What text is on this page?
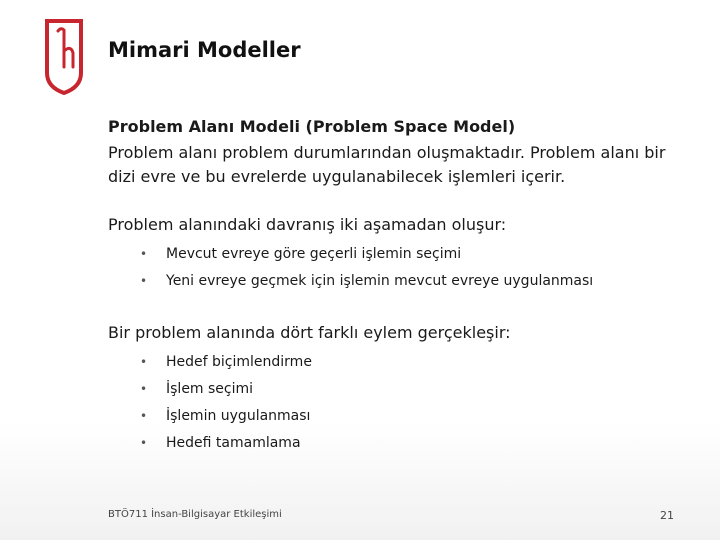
Mimari Modeller

Problem Alanı Modeli (Problem Space Model)

Problem alanı problem durumlarından oluşmaktadır. Problem alanı bir dizi evre ve bu evrelerde uygulanabilecek işlemleri içerir.

Problem alanındaki davranış iki aşamadan oluşur:

• Mevcut evreye göre geçerli işlemin seçimi
• Yeni evreye geçmek için işlemin mevcut evreye uygulanması

Bir problem alanında dört farklı eylem gerçekleşir:

• Hedef biçimlendirme
• İşlem seçimi
• İşlemin uygulanması
• Hedefi tamamlama
BTÖ711 İnsan-Bilgisayar Etkileşimi	21
